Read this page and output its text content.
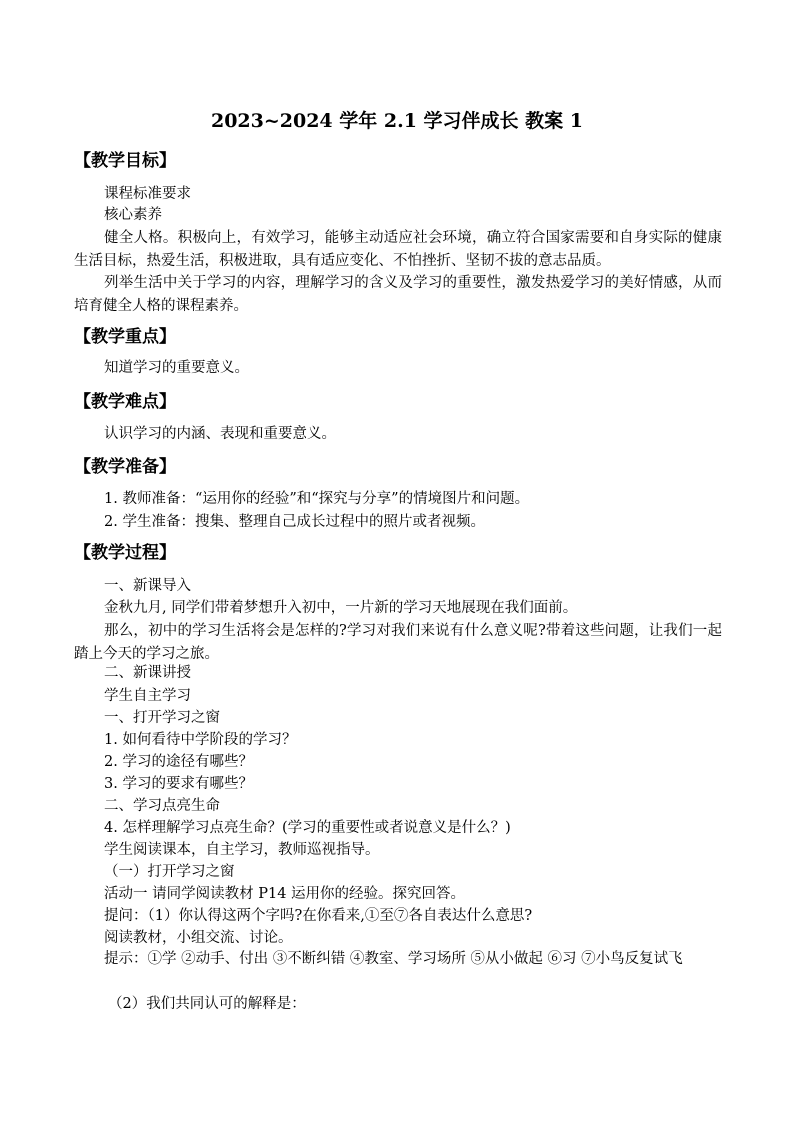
2023~2024 学年 2.1 学习伴成长 教案 1
【教学目标】
课程标准要求
核心素养
健全人格。积极向上，有效学习，能够主动适应社会环境，确立符合国家需要和自身实际的健康生活目标，热爱生活，积极进取，具有适应变化、不怕挫折、坚韧不拔的意志品质。
列举生活中关于学习的内容，理解学习的含义及学习的重要性，激发热爱学习的美好情感，从而培育健全人格的课程素养。
【教学重点】
知道学习的重要意义。
【教学难点】
认识学习的内涵、表现和重要意义。
【教学准备】
1. 教师准备：“运用你的经验”和“探究与分享”的情境图片和问题。
2. 学生准备：搜集、整理自己成长过程中的照片或者视频。
【教学过程】
一、新课导入
金秋九月, 同学们带着梦想升入初中，一片新的学习天地展现在我们面前。
那么，初中的学习生活将会是怎样的?学习对我们来说有什么意义呢?带着这些问题，让我们一起踏上今天的学习之旅。
二、新课讲授
学生自主学习
一、打开学习之窗
1. 如何看待中学阶段的学习？
2. 学习的途径有哪些？
3. 学习的要求有哪些？
二、学习点亮生命
4. 怎样理解学习点亮生命？(学习的重要性或者说意义是什么？)
学生阅读课本，自主学习，教师巡视指导。
（一）打开学习之窗
活动一 请同学阅读教材 P14 运用你的经验。探究回答。
提问：（1）你认得这两个字吗?在你看来,①至⑦各自表达什么意思?
阅读教材，小组交流、讨论。
提示：①学 ②动手、付出 ③不断纠错 ④教室、学习场所 ⑤从小做起 ⑥习 ⑦小鸟反复试飞
（2）我们共同认可的解释是：
